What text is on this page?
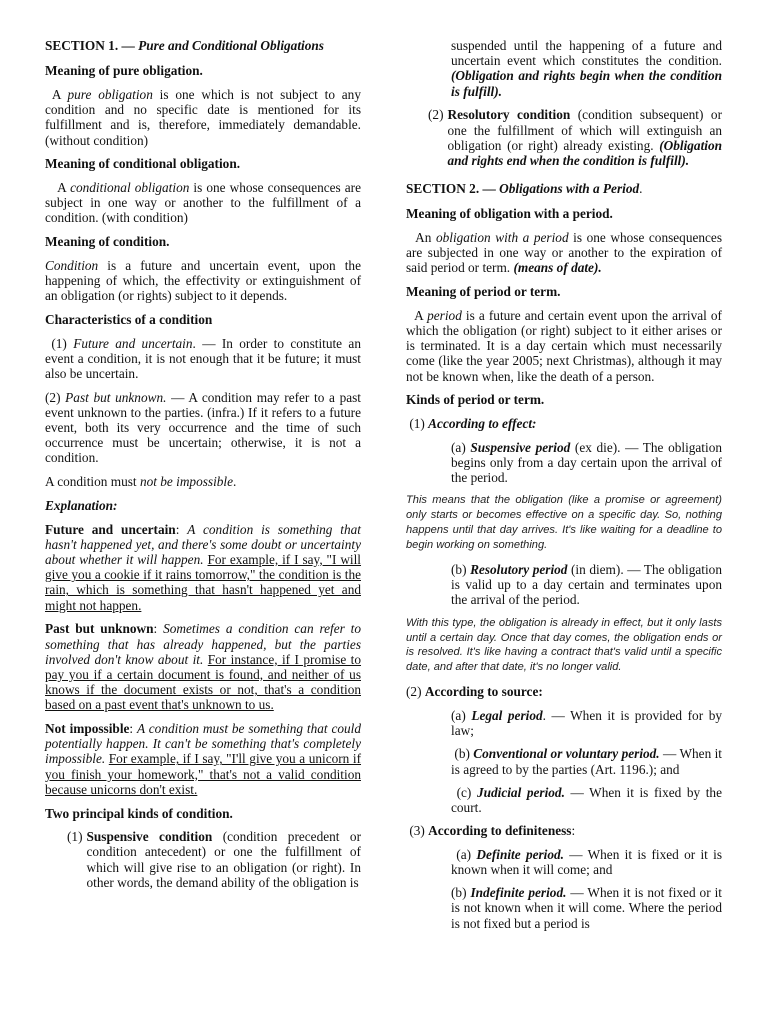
SECTION 1. — Pure and Conditional Obligations

Meaning of pure obligation.

A pure obligation is one which is not subject to any condition and no specific date is mentioned for its fulfillment and is, therefore, immediately demandable. (without condition)

Meaning of conditional obligation.

A conditional obligation is one whose consequences are subject in one way or another to the fulfillment of a condition. (with condition)

Meaning of condition.

Condition is a future and uncertain event, upon the happening of which, the effectivity or extinguishment of an obligation (or rights) subject to it depends.

Characteristics of a condition

(1) Future and uncertain. — In order to constitute an event a condition, it is not enough that it be future; it must also be uncertain.

(2) Past but unknown. — A condition may refer to a past event unknown to the parties. (infra.) If it refers to a future event, both its very occurrence and the time of such occurrence must be uncertain; otherwise, it is not a condition.

A condition must not be impossible.

Explanation:

Future and uncertain: A condition is something that hasn't happened yet, and there's some doubt or uncertainty about whether it will happen. For example, if I say, "I will give you a cookie if it rains tomorrow," the condition is the rain, which is something that hasn't happened yet and might not happen.

Past but unknown: Sometimes a condition can refer to something that has already happened, but the parties involved don't know about it. For instance, if I promise to pay you if a certain document is found, and neither of us knows if the document exists or not, that's a condition based on a past event that's unknown to us.

Not impossible: A condition must be something that could potentially happen. It can't be something that's completely impossible. For example, if I say, "I'll give you a unicorn if you finish your homework," that's not a valid condition because unicorns don't exist.

Two principal kinds of condition.

(1) Suspensive condition (condition precedent or condition antecedent) or one the fulfillment of which will give rise to an obligation (or right). In other words, the demand ability of the obligation is

suspended until the happening of a future and uncertain event which constitutes the condition. (Obligation and rights begin when the condition is fulfill).

(2) Resolutory condition (condition subsequent) or one the fulfillment of which will extinguish an obligation (or right) already existing. (Obligation and rights end when the condition is fulfill).

SECTION 2. — Obligations with a Period.

Meaning of obligation with a period.

An obligation with a period is one whose consequences are subjected in one way or another to the expiration of said period or term. (means of date).

Meaning of period or term.

A period is a future and certain event upon the arrival of which the obligation (or right) subject to it either arises or is terminated. It is a day certain which must necessarily come (like the year 2005; next Christmas), although it may not be known when, like the death of a person.

Kinds of period or term.

(1) According to effect:

(a) Suspensive period (ex die). — The obligation begins only from a day certain upon the arrival of the period.

This means that the obligation (like a promise or agreement) only starts or becomes effective on a specific day. So, nothing happens until that day arrives. It's like waiting for a deadline to begin working on something.

(b) Resolutory period (in diem). — The obligation is valid up to a day certain and terminates upon the arrival of the period.

With this type, the obligation is already in effect, but it only lasts until a certain day. Once that day comes, the obligation ends or is resolved. It's like having a contract that's valid until a specific date, and after that date, it's no longer valid.

(2) According to source:

(a) Legal period. — When it is provided for by law;

(b) Conventional or voluntary period. — When it is agreed to by the parties (Art. 1196.); and

(c) Judicial period. — When it is fixed by the court.

(3) According to definiteness:

(a) Definite period. — When it is fixed or it is known when it will come; and

(b) Indefinite period. — When it is not fixed or it is not known when it will come. Where the period is not fixed but a period is
